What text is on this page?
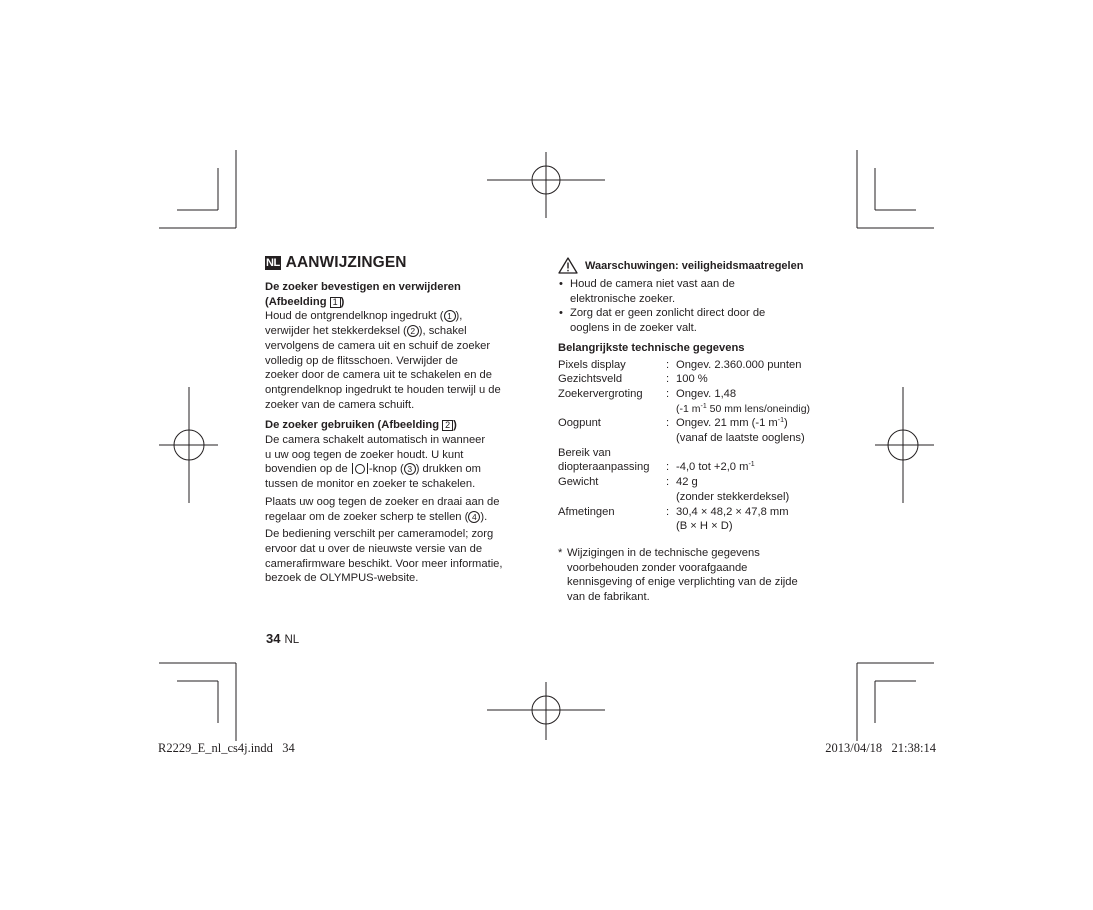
NL AANWIJZINGEN
De zoeker bevestigen en verwijderen
(Afbeelding 1 )
Houd de ontgrendelknop ingedrukt ( 1 ),
verwijder het stekkerdeksel ( 2 ), schakel
vervolgens de camera uit en schuif de zoeker
volledig op de flitsschoen. Verwijder de
zoeker door de camera uit te schakelen en de
ontgrendelknop ingedrukt te houden terwijl u de
zoeker van de camera schuift.
De zoeker gebruiken (Afbeelding 2 )
De camera schakelt automatisch in wanneer
u uw oog tegen de zoeker houdt. U kunt
bovendien op de
-knop ( 3 ) drukken om
tussen de monitor en zoeker te schakelen.
Plaats uw oog tegen de zoeker en draai aan de
regelaar om de zoeker scherp te stellen ( 4 ).
De bediening verschilt per cameramodel; zorg
ervoor dat u over de nieuwste versie van de
camerafirmware beschikt. Voor meer informatie,
bezoek de OLYMPUS-website.
Waarschuwingen: veiligheidsmaatregelen
• Houd de camera niet vast aan de
elektronische zoeker.
• Zorg dat er geen zonlicht direct door de
ooglens in de zoeker valt.
Belangrijkste technische gegevens
Pixels display	:	Ongev. 2.360.000 punten
Gezichtsveld	:	100 %
Zoekervergroting	:	Ongev. 1,48
(-1 $m^{-1}$ 50 mm lens/oneindig)

Oogpunt	:	Ongev. 21 mm (-1 $m^{-1}$)
(vanaf de laatste ooglens)

Bereik van		
diopteraanpassing	:	-4,0 tot +2,0 $m^{-1}$
Gewicht	:	42 g
(zonder stekkerdeksel)

Afmetingen	:	30,4 × 48,2 × 47,8 mm
(B × H × D)
* Wijzigingen in de technische gegevens
voorbehouden zonder voorafgaande
kennisgeving of enige verplichting van de zijde
van de fabrikant.
34 NL
R2229_E_nl_cs4j.indd   34	2013/04/18   21:38:14
